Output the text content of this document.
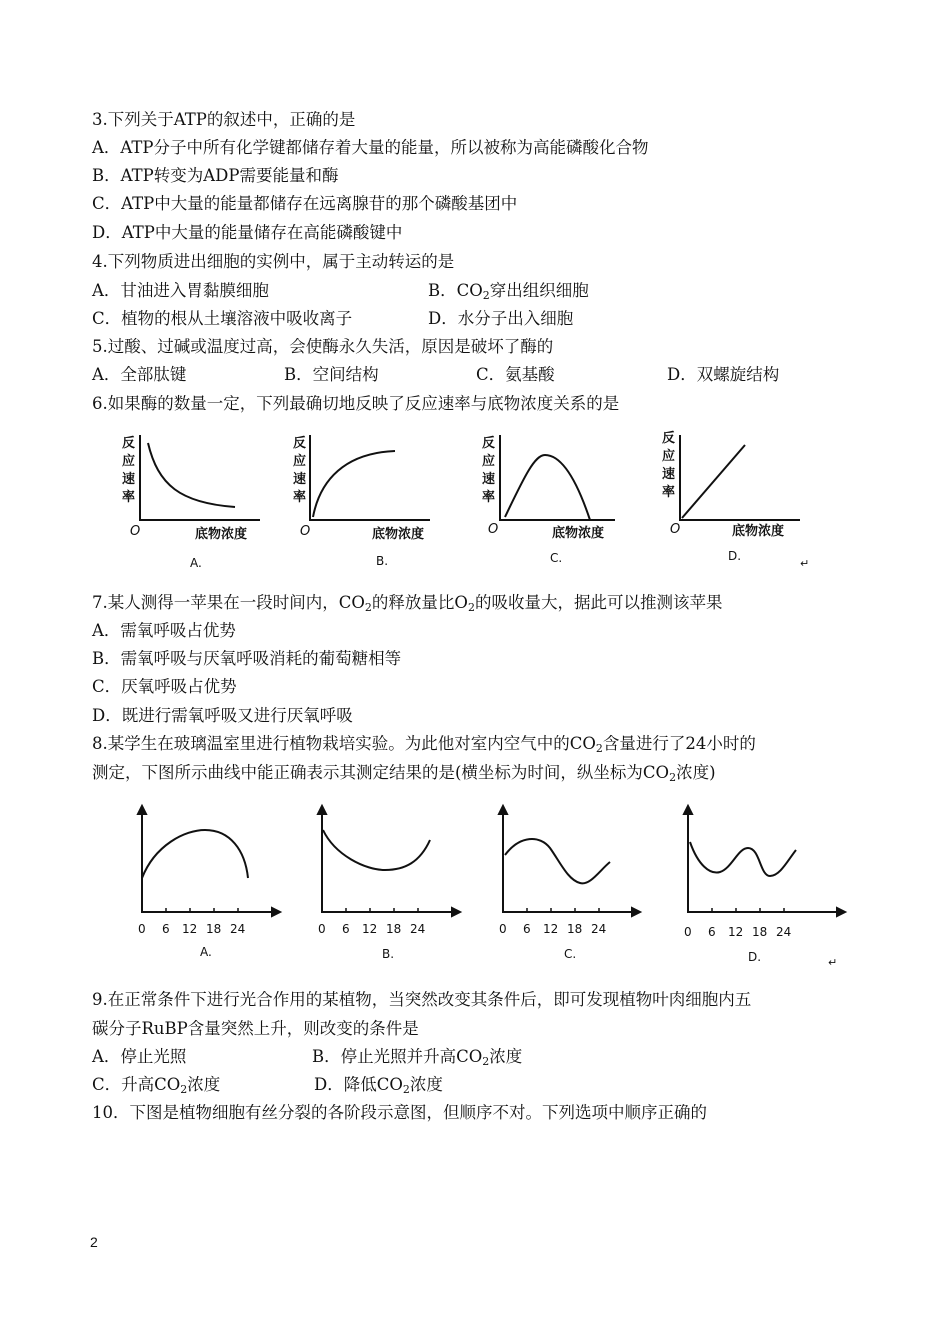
3.下列关于ATP的叙述中，正确的是
A．ATP分子中所有化学键都储存着大量的能量，所以被称为高能磷酸化合物
B．ATP转变为ADP需要能量和酶
C．ATP中大量的能量都储存在远离腺苷的那个磷酸基团中
D．ATP中大量的能量储存在高能磷酸键中
4.下列物质进出细胞的实例中，属于主动转运的是
A．甘油进入胃黏膜细胞	B．CO2穿出组织细胞
C．植物的根从土壤溶液中吸收离子	D．水分子出入细胞
5.过酸、过碱或温度过高，会使酶永久失活，原因是破坏了酶的
A．全部肽键	B．空间结构	C．氨基酸	D．双螺旋结构
6.如果酶的数量一定，下列最确切地反映了反应速率与底物浓度关系的是
反
应
速
率
O	底物浓度
A.
反
应
速
率
O	底物浓度
B.
反
应
速
率
O	底物浓度
C.
反
应
速
率
O	底物浓度
D.
↵
7.某人测得一苹果在一段时间内，CO2的释放量比O2的吸收量大，据此可以推测该苹果
A．需氧呼吸占优势
B．需氧呼吸与厌氧呼吸消耗的葡萄糖相等
C．厌氧呼吸占优势
D．既进行需氧呼吸又进行厌氧呼吸
8.某学生在玻璃温室里进行植物栽培实验。为此他对室内空气中的CO2含量进行了24小时的
测定，下图所示曲线中能正确表示其测定结果的是(横坐标为时间，纵坐标为CO2浓度)
0 6 12 18 24
A.
0 6 12 18 24
B.
0 6 12 18 24
C.
0 6 12 18 24
D.	↵
9.在正常条件下进行光合作用的某植物，当突然改变其条件后，即可发现植物叶肉细胞内五
碳分子RuBP含量突然上升，则改变的条件是
A．停止光照	B．停止光照并升高CO2浓度
C．升高CO2浓度	D．降低CO2浓度
10．下图是植物细胞有丝分裂的各阶段示意图，但顺序不对。下列选项中顺序正确的
2
